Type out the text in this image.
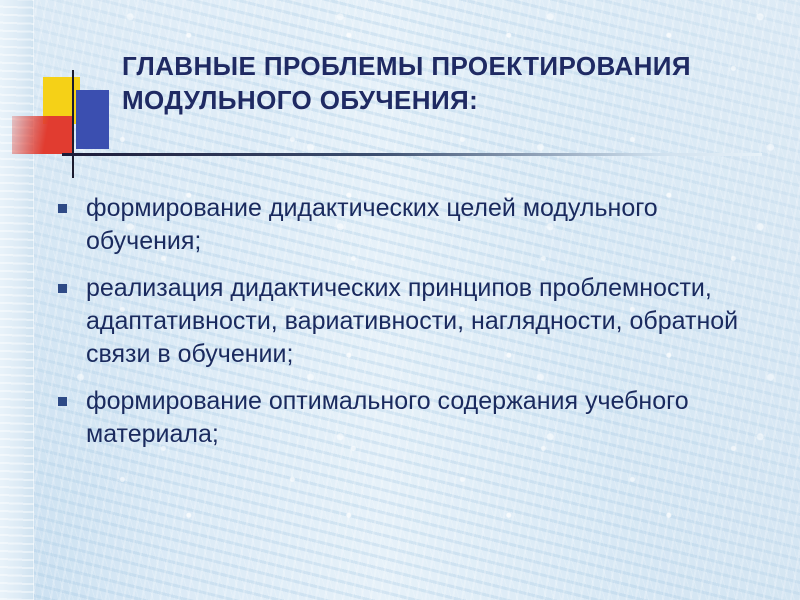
ГЛАВНЫЕ ПРОБЛЕМЫ ПРОЕКТИРОВАНИЯ
МОДУЛЬНОГО ОБУЧЕНИЯ:
формирование дидактических целей модульного обучения;
реализация дидактических принципов проблемности, адаптативности, вариативности, наглядности, обратной связи в обучении;
формирование оптимального содержания учебного материала;
